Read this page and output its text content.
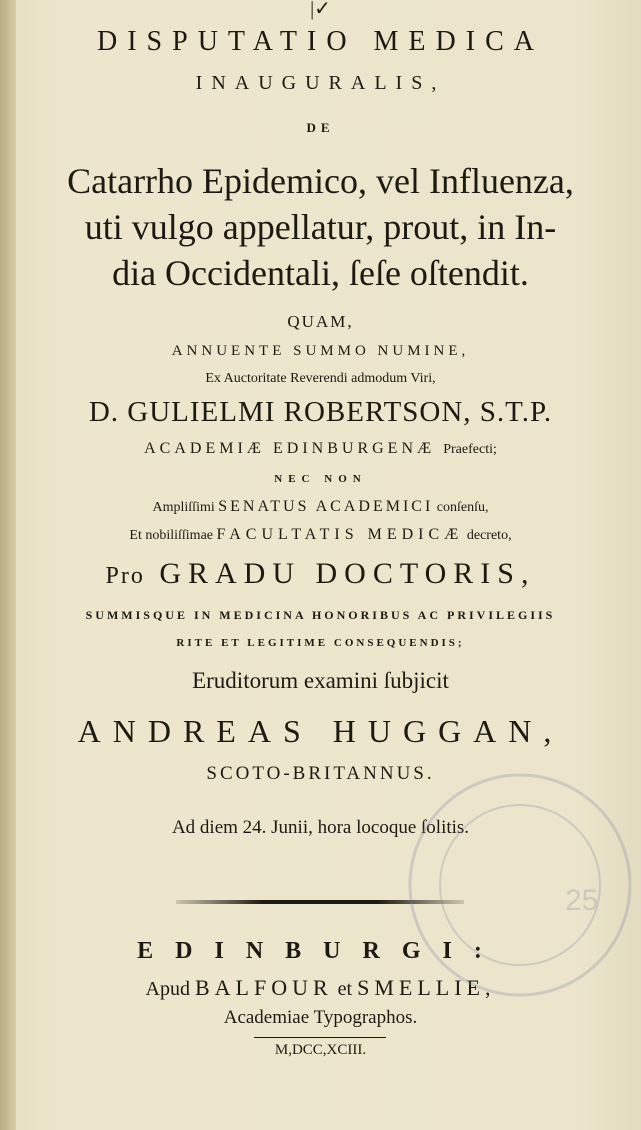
|✓
DISPUTATIO MEDICA
INAUGURALIS,
DE
Catarrho Epidemico, vel Influenza,
uti vulgo appellatur, prout, in In-
dia Occidentali, ſeſe oſtendit.
QUAM,
ANNUENTE SUMMO NUMINE,
Ex Auctoritate Reverendi admodum Viri,
D. GULIELMI ROBERTSON, S.T.P.
ACADEMIÆ EDINBURGENÆ Praefecti;
NEC NON
Ampliſſimi SENATUS ACADEMICI conſenſu,
Et nobiliſſimae FACULTATIS MEDICÆ decreto,
Pro GRADU DOCTORIS,
SUMMISQUE IN MEDICINA HONORIBUS AC PRIVILEGIIS
RITE ET LEGITIME CONSEQUENDIS;
Eruditorum examini ſubjicit
ANDREAS HUGGAN,
SCOTO-BRITANNUS.
Ad diem 24. Junii, hora locoque ſolitis.
EDINBURGI:
Apud BALFOUR et SMELLIE,
Academiae Typographos.
M,DCC,XCIII.
25
